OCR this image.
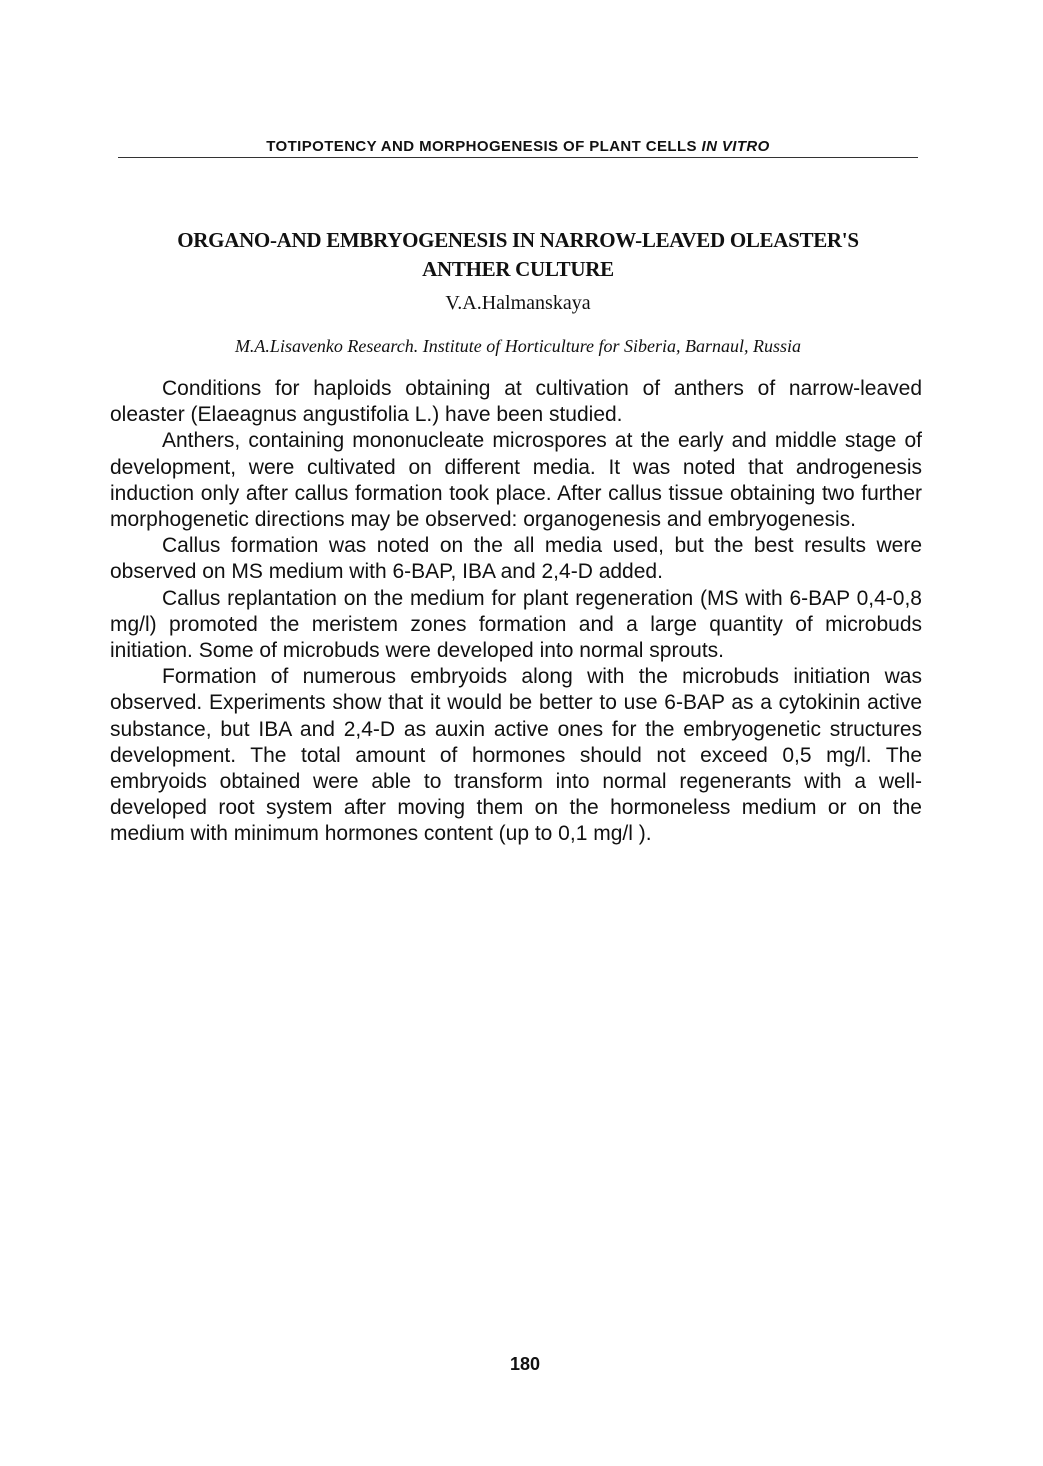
TOTIPOTENCY AND MORPHOGENESIS OF PLANT CELLS IN VITRO
ORGANO-AND EMBRYOGENESIS IN NARROW-LEAVED OLEASTER'S
ANTHER CULTURE
V.A.Halmanskaya
M.A.Lisavenko Research. Institute of Horticulture for Siberia, Barnaul, Russia

Conditions for haploids obtaining at cultivation of anthers of narrow-leaved oleaster (Elaeagnus angustifolia L.) have been studied.

Anthers, containing mononucleate microspores at the early and middle stage of development, were cultivated on different media. It was noted that androgenesis induction only after callus formation took place. After callus tissue obtaining two further morphogenetic directions may be observed: organogenesis and embryogenesis.

Callus formation was noted on the all media used, but the best results were observed on MS medium with 6-BAP, IBA and 2,4-D added.

Callus replantation on the medium for plant regeneration (MS with 6-BAP 0,4-0,8 mg/l) promoted the meristem zones formation and a large quantity of microbuds initiation. Some of microbuds were developed into normal sprouts.

Formation of numerous embryoids along with the microbuds initiation was observed. Experiments show that it would be better to use 6-BAP as a cytokinin active substance, but IBA and 2,4-D as auxin active ones for the embryogenetic structures development. The total amount of hormones should not exceed 0,5 mg/l. The embryoids obtained were able to transform into normal regenerants with a well-developed root system after moving them on the hormoneless medium or on the medium with minimum hormones content (up to 0,1 mg/l ).

180
